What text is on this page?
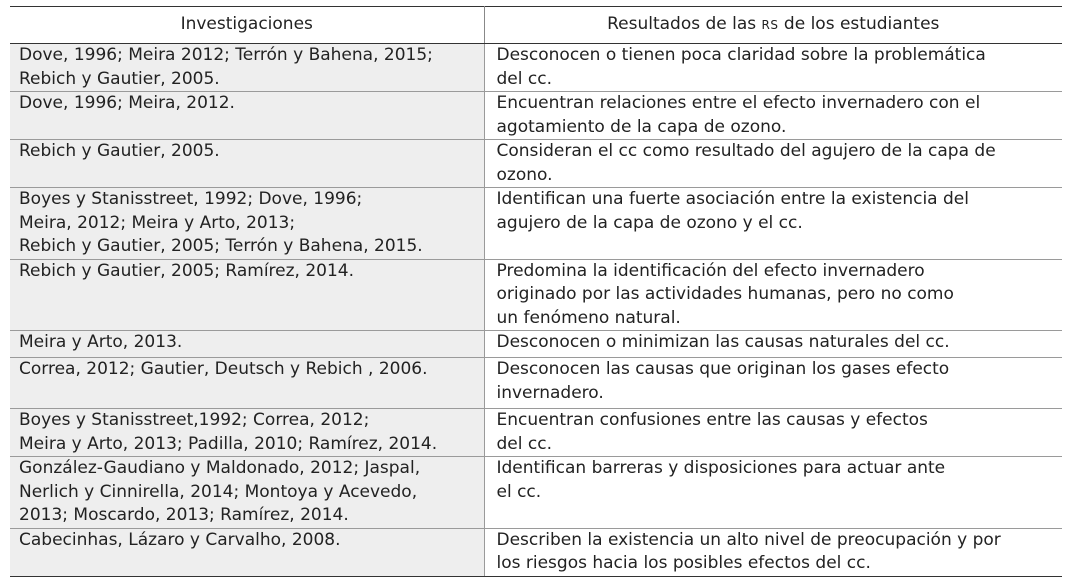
Investigaciones	Resultados de las RS de los estudiantes
Dove, 1996; Meira 2012; Terrón y Bahena, 2015;
Rebich y Gautier, 2005.	Desconocen o tienen poca claridad sobre la problemática
del cc.
Dove, 1996; Meira, 2012.	Encuentran relaciones entre el efecto invernadero con el
agotamiento de la capa de ozono.
Rebich y Gautier, 2005.	Consideran el cc como resultado del agujero de la capa de
ozono.
Boyes y Stanisstreet, 1992; Dove, 1996;
Meira, 2012; Meira y Arto, 2013;
Rebich y Gautier, 2005; Terrón y Bahena, 2015.	Identifican una fuerte asociación entre la existencia del
agujero de la capa de ozono y el cc.
Rebich y Gautier, 2005; Ramírez, 2014.	Predomina la identificación del efecto invernadero
originado por las actividades humanas, pero no como
un fenómeno natural.
Meira y Arto, 2013.	Desconocen o minimizan las causas naturales del cc.
Correa, 2012; Gautier, Deutsch y Rebich , 2006.	Desconocen las causas que originan los gases efecto
invernadero.
Boyes y Stanisstreet,1992; Correa, 2012;
Meira y Arto, 2013; Padilla, 2010; Ramírez, 2014.	Encuentran confusiones entre las causas y efectos
del cc.
González-Gaudiano y Maldonado, 2012; Jaspal,
Nerlich y Cinnirella, 2014; Montoya y Acevedo,
2013; Moscardo, 2013; Ramírez, 2014.	Identifican barreras y disposiciones para actuar ante
el cc.
Cabecinhas, Lázaro y Carvalho, 2008.	Describen la existencia un alto nivel de preocupación y por
los riesgos hacia los posibles efectos del cc.
